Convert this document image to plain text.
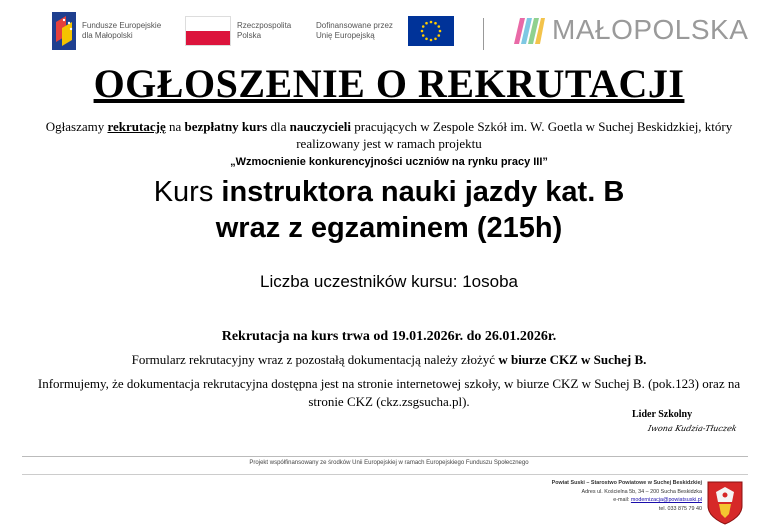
Fundusze Europejskie dla Małopolski
Rzeczpospolita Polska
Dofinansowane przez Unię Europejską	MAŁOPOLSKA
OGŁOSZENIE O REKRUTACJI
Ogłaszamy rekrutację na bezpłatny kurs dla nauczycieli pracujących w Zespole Szkół im. W. Goetla w Suchej Beskidzkiej, który realizowany jest w ramach projektu
„Wzmocnienie konkurencyjności uczniów na rynku pracy III”
Kurs instruktora nauki jazdy kat. B
wraz z egzaminem (215h)
Liczba uczestników kursu: 1osoba
Rekrutacja na kurs trwa od 19.01.2026r. do 26.01.2026r.
Formularz rekrutacyjny wraz z pozostałą dokumentacją należy złożyć w biurze CKZ w Suchej B.
Informujemy, że dokumentacja rekrutacyjna dostępna jest na stronie internetowej szkoły, w biurze CKZ w Suchej B. (pok.123) oraz na stronie CKZ (ckz.zsgsucha.pl).
Lider Szkolny
Iwona Kudzia-Tłuczek
Projekt współfinansowany ze środków Unii Europejskiej w ramach Europejskiego Funduszu Społecznego
Powiat Suski – Starostwo Powiatowe w Suchej Beskidzkiej
Adres ul. Kościelna 5b, 34 – 200 Sucha Beskidzka
e-mail: modernizacja@powiatsuski.pl
tel. 033 875 79 40
